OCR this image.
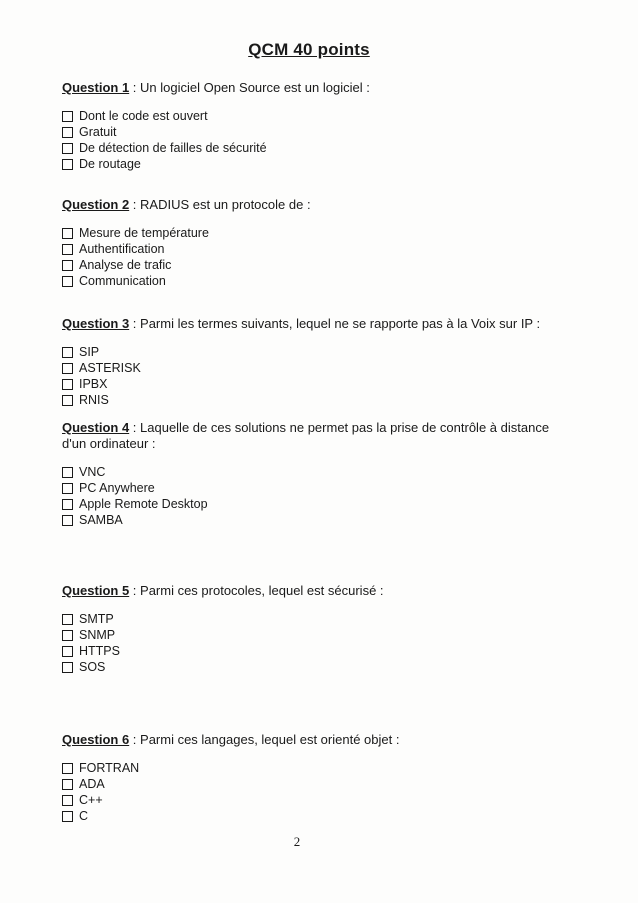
QCM 40 points
Question 1 : Un logiciel Open Source est un logiciel :
Dont le code est ouvert
Gratuit
De détection de failles de sécurité
De routage
Question 2 : RADIUS est un protocole de :
Mesure de température
Authentification
Analyse de trafic
Communication
Question 3 : Parmi les termes suivants, lequel ne se rapporte pas à la Voix sur IP :
SIP
ASTERISK
IPBX
RNIS
Question 4 : Laquelle de ces solutions ne permet pas la prise de contrôle à distance d'un ordinateur :
VNC
PC Anywhere
Apple Remote Desktop
SAMBA
Question 5 : Parmi ces protocoles, lequel est sécurisé :
SMTP
SNMP
HTTPS
SOS
Question 6 : Parmi ces langages, lequel est orienté objet :
FORTRAN
ADA
C++
C
2
